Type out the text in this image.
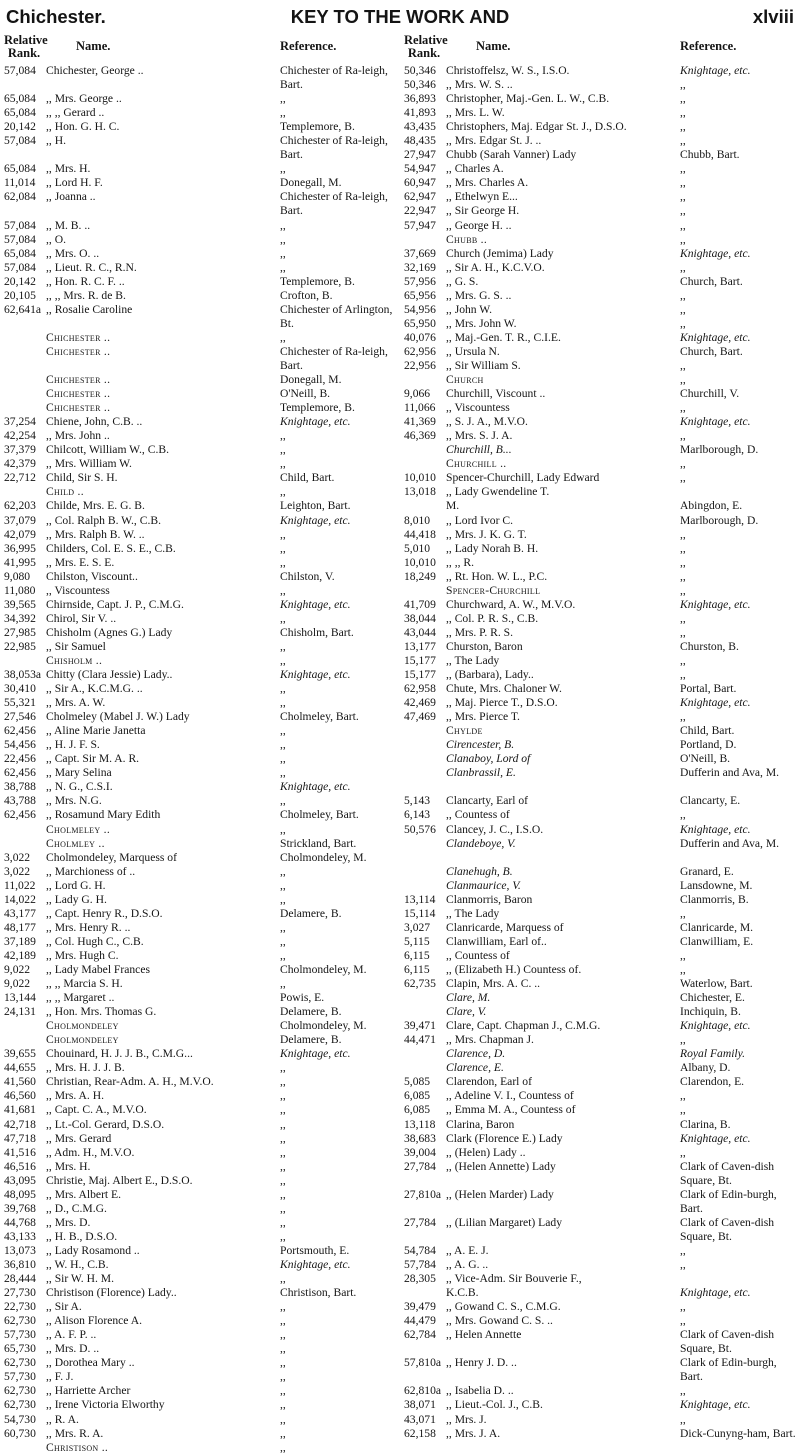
Chichester.	KEY TO THE WORK AND	xlviii
Relative Rank.	Name.	Reference.
57,084 Chichester, George ..	Chichester of Ra-leigh, Bart.
65,084 ,, Mrs. George ..	,,
65,084 ,, ,, Gerard ..	,,
20,142 ,, Hon. G. H. C.	Templemore, B.
57,084 ,, H.	Chichester of Ra-leigh, Bart.
65,084 ,, Mrs. H.	,,
11,014 ,, Lord H. F.	Donegall, M.
62,084 ,, Joanna ..	Chichester of Ra-leigh, Bart.
57,084 ,, M. B. ..	,,
57,084 ,, O.	,,
65,084 ,, Mrs. O. ..	,,
57,084 ,, Lieut. R. C., R.N.	,,
20,142 ,, Hon. R. C. F. ..	Templemore, B.
20,105 ,, ,, Mrs. R. de B.	Crofton, B.
62,641a ,, Rosalie Caroline	Chichester of Arlington, Bt.
Chichester ..	,,
Chichester ..	Chichester of Ra-leigh, Bart.
Chichester ..	Donegall, M.
Chichester ..	O'Neill, B.
Chichester ..	Templemore, B.
37,254 Chiene, John, C.B. ..	Knightage, etc.
42,254 ,, Mrs. John ..	,,
37,379 Chilcott, William W., C.B.	,,
42,379 ,, Mrs. William W.	,,
22,712 Child, Sir S. H.	Child, Bart.
Child ..	,,
62,203 Childe, Mrs. E. G. B.	Leighton, Bart.
37,079 ,, Col. Ralph B. W., C.B.	Knightage, etc.
42,079 ,, Mrs. Ralph B. W. ..	,,
36,995 Childers, Col. E. S. E., C.B.	,,
41,995 ,, Mrs. E. S. E.	,,
9,080	Chilston, Viscount..	Chilston, V.
11,080 ,, Viscountess	,,
39,565 Chirnside, Capt. J. P., C.M.G.	Knightage, etc.
34,392 Chirol, Sir V. ..	,,
27,985 Chisholm (Agnes G.) Lady	Chisholm, Bart.
22,985 ,, Sir Samuel	,,
Chisholm ..	,,
38,053a Chitty (Clara Jessie) Lady..	Knightage, etc.
30,410 ,, Sir A., K.C.M.G. ..	,,
55,321 ,, Mrs. A. W.	,,
27,546 Cholmeley (Mabel J. W.) Lady	Cholmeley, Bart.
62,456 ,, Aline Marie Janetta	,,
54,456 ,, H. J. F. S.	,,
22,456 ,, Capt. Sir M. A. R.	,,
62,456 ,, Mary Selina	,,
38,788 ,, N. G., C.S.I.	Knightage, etc.
43,788 ,, Mrs. N.G.	,,
62,456 ,, Rosamund Mary Edith	Cholmeley, Bart.
Cholmeley ..	,,
Cholmley ..	Strickland, Bart.
3,022	Cholmondeley, Marquess of	Cholmondeley, M.
3,022	,, Marchioness of ..	,,
11,022 ,, Lord G. H.	,,
14,022 ,, Lady G. H.	,,
43,177 ,, Capt. Henry R., D.S.O.	Delamere, B.
48,177 ,, Mrs. Henry R. ..	,,
37,189 ,, Col. Hugh C., C.B.	,,
42,189 ,, Mrs. Hugh C.	,,
9,022	,, Lady Mabel Frances	Cholmondeley, M.
9,022	,, ,, Marcia S. H.	,,
13,144 ,, ,, Margaret ..	Powis, E.
24,131 ,, Hon. Mrs. Thomas G.	Delamere, B.
Cholmondeley	Cholmondeley, M.
Cholmondeley	Delamere, B.
39,655 Chouinard, H. J. J. B., C.M.G...	Knightage, etc.
44,655 ,, Mrs. H. J. J. B.	,,
41,560 Christian, Rear-Adm. A. H., M.V.O.	,,
46,560 ,, Mrs. A. H.	,,
41,681 ,, Capt. C. A., M.V.O.	,,
42,718 ,, Lt.-Col. Gerard, D.S.O.	,,
47,718 ,, Mrs. Gerard	,,
41,516 ,, Adm. H., M.V.O.	,,
46,516 ,, Mrs. H.	,,
43,095 Christie, Maj. Albert E., D.S.O.	,,
48,095 ,, Mrs. Albert E.	,,
39,768 ,, D., C.M.G.	,,
44,768 ,, Mrs. D.	,,
43,133 ,, H. B., D.S.O.	,,
13,073 ,, Lady Rosamond ..	Portsmouth, E.
36,810 ,, W. H., C.B.	Knightage, etc.
28,444 ,, Sir W. H. M.	,,
27,730 Christison (Florence) Lady..	Christison, Bart.
22,730 ,, Sir A.	,,
62,730 ,, Alison Florence A.	,,
57,730 ,, A. F. P. ..	,,
65,730 ,, Mrs. D. ..	,,
62,730 ,, Dorothea Mary ..	,,
57,730 ,, F. J.	,,
62,730 ,, Harriette Archer	,,
62,730 ,, Irene Victoria Elworthy	,,
54,730 ,, R. A.	,,
60,730 ,, Mrs. R. A.	,,
Christison ..	,,
Relative Rank.	Name.	Reference.
50,346 Christoffelsz, W. S., I.S.O.	Knightage, etc.
50,346 ,, Mrs. W. S. ..	,,
36,893 Christopher, Maj.-Gen. L. W., C.B.	,,
41,893 ,, Mrs. L. W.	,,
43,435 Christophers, Maj. Edgar St. J., D.S.O.	,,
48,435 ,, Mrs. Edgar St. J. ..	,,
27,947 Chubb (Sarah Vanner) Lady	Chubb, Bart.
54,947 ,, Charles A.	,,
60,947 ,, Mrs. Charles A.	,,
62,947 ,, Ethelwyn E...	,,
22,947 ,, Sir George H.	,,
57,947 ,, George H. ..	,,
Chubb ..	,,
37,669 Church (Jemima) Lady	Knightage, etc.
32,169 ,, Sir A. H., K.C.V.O.	,,
57,956 ,, G. S.	Church, Bart.
65,956 ,, Mrs. G. S. ..	,,
54,956 ,, John W.	,,
65,950 ,, Mrs. John W.	,,
40,076 ,, Maj.-Gen. T. R., C.I.E.	Knightage, etc.
62,956 ,, Ursula N.	Church, Bart.
22,956 ,, Sir William S.	,,
Church	,,
9,066	Churchill, Viscount ..	Churchill, V.
11,066 ,, Viscountess	,,
41,369 ,, S. J. A., M.V.O.	Knightage, etc.
46,369 ,, Mrs. S. J. A.	,,
Churchill, B...	Marlborough, D.
Churchill ..	,,
10,010 Spencer-Churchill, Lady Edward	,,
13,018 ,, Lady Gwendeline T.
M.	Abingdon, E.
8,010	,, Lord Ivor C.	Marlborough, D.
44,418 ,, Mrs. J. K. G. T.	,,
5,010	,, Lady Norah B. H.	,,
10,010 ,, ,, R.	,,
18,249 ,, Rt. Hon. W. L., P.C.	,,
Spencer-Churchill	,,
41,709 Churchward, A. W., M.V.O.	Knightage, etc.
38,044 ,, Col. P. R. S., C.B.	,,
43,044 ,, Mrs. P. R. S.	,,
13,177 Churston, Baron	Churston, B.
15,177 ,, The Lady	,,
15,177 ,, (Barbara), Lady..	,,
62,958 Chute, Mrs. Chaloner W.	Portal, Bart.
42,469 ,, Maj. Pierce T., D.S.O.	Knightage, etc.
47,469 ,, Mrs. Pierce T.	,,
Chylde	Child, Bart.
Cirencester, B.	Portland, D.
Clanaboy, Lord of	O'Neill, B.
Clanbrassil, E.	Dufferin and Ava, M.
5,143	Clancarty, Earl of	Clancarty, E.
6,143	,, Countess of	,,
50,576 Clancey, J. C., I.S.O.	Knightage, etc.
Clandeboye, V.	Dufferin and Ava, M.
Clanehugh, B.	Granard, E.
Clanmaurice, V.	Lansdowne, M.
13,114 Clanmorris, Baron	Clanmorris, B.
15,114 ,, The Lady	,,
3,027	Clanricarde, Marquess of	Clanricarde, M.
5,115	Clanwilliam, Earl of..	Clanwilliam, E.
6,115	,, Countess of	,,
6,115	,, (Elizabeth H.) Countess of.	,,
62,735 Clapin, Mrs. A. C. ..	Waterlow, Bart.
Clare, M.	Chichester, E.
Clare, V.	Inchiquin, B.
39,471 Clare, Capt. Chapman J., C.M.G.	Knightage, etc.
44,471 ,, Mrs. Chapman J.	,,
Clarence, D.	Royal Family.
Clarence, E.	Albany, D.
5,085	Clarendon, Earl of	Clarendon, E.
6,085	,, Adeline V. I., Countess of	,,
6,085	,, Emma M. A., Countess of	,,
13,118 Clarina, Baron	Clarina, B.
38,683 Clark (Florence E.) Lady	Knightage, etc.
39,004 ,, (Helen) Lady ..	,,
27,784 ,, (Helen Annette) Lady	Clark of Caven-dish Square, Bt.
27,810a ,, (Helen Marder) Lady	Clark of Edin-burgh, Bart.
27,784 ,, (Lilian Margaret) Lady	Clark of Caven-dish Square, Bt.
54,784 ,, A. E. J.	,,
57,784 ,, A. G. ..	,,
28,305 ,, Vice-Adm. Sir Bouverie F.,
K.C.B.	Knightage, etc.
39,479 ,, Gowand C. S., C.M.G.	,,
44,479 ,, Mrs. Gowand C. S. ..	,,
62,784 ,, Helen Annette	Clark of Caven-dish Square, Bt.
57,810a ,, Henry J. D. ..	Clark of Edin-burgh, Bart.
62,810a ,, Isabelia D. ..	,,
38,071 ,, Lieut.-Col. J., C.B.	Knightage, etc.
43,071 ,, Mrs. J.	,,
62,158 ,, Mrs. J. A.	Dick-Cunyng-ham, Bart.
